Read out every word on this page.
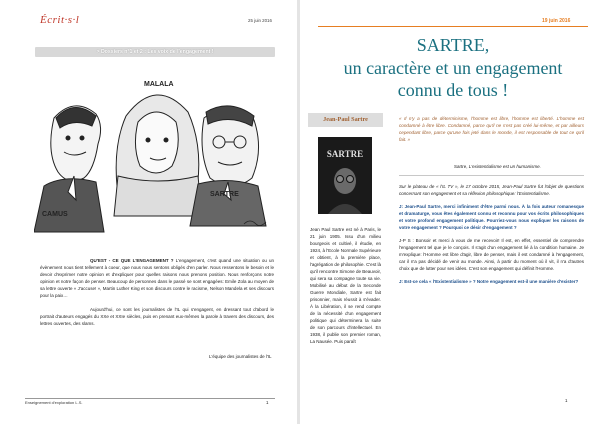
Écrit·s·l	25 juin 2016
> Dossiers n°1 et 2 : Les voix de l'engagement !
CAMUS
MALALA
SARTRE

QU'EST - CE QUE L'ENGAGEMENT ? L'engagement, c'est quand une situation ou un évènement nous tient tellement à coeur, que nous nous sentons obligés d'en parler. Nous ressentons le besoin et le devoir d'exprimer notre opinion et d'expliquer pour quelles raisons nous prenons position. Nous renforçons notre opinion et notre façon de penser. Beaucoup de personnes dans le passé se sont engagées: Emile Zola au moyen de sa lettre ouverte « J'accuse! », Martin Luther King et son discours contre le racisme, Nelson Mandela et ses discours pour la paix…

Aujourd'hui, ce sont les journalistes de l'IL qui s'engagent, en dressant tout d'abord le portrait d'auteurs engagés du XXe et XXIe siècles, puis en prenant eux-mêmes la parole à travers des discours, des lettres ouvertes, des slams.

L'équipe des journalistes de l'IL
Enseignement d'exploration L.S.	1
19 juin 2016
SARTRE,
un caractère et un engagement
connu de tous !
Jean-Paul Sartre
SARTRE
Jean Paul Sartre est né à Paris, le 21 juin 1905. Issu d'un milieu bourgeois et cultivé, il étudie, en 1924, à l'Ecole Normale Supérieure et obtient, à la première place, l'agrégation de philosophie. C'est là qu'il rencontre Simone de Beauvoir, qui sera sa compagne toute sa vie. Mobilisé au début de la Seconde Guerre Mondiale, Sartre est fait prisonnier, mais réussit à s'évader. À la Libération, il se rend compte de la nécessité d'un engagement politique qui déterminera la suite de son parcours d'intellectuel. En 1938, il publie son premier roman, La Nausée. Puis paraît
« Il n'y a pas de déterminisme, l'homme est libre, l'homme est liberté. L'homme est condamné à être libre. Condamné, parce qu'il ne s'est pas créé lui-même, et par ailleurs cependant libre, parce qu'une fois jeté dans le monde, il est responsable de tout ce qu'il fait. »
Sartre, L'existentialisme est un humanisme.

Sur le plateau de « l'IL TV », le 17 octobre 2015, Jean-Paul Sartre fut l'objet de questions concernant son engagement et sa réflexion philosophique: l'Existentialisme.

J: Jean-Paul Sartre, merci infiniment d'être parmi nous. À la fois auteur romanesque et dramaturge, vous êtes également connu et reconnu pour vos écrits philosophiques et votre profond engagement politique. Pourriez-vous nous expliquer les raisons de votre engagement ? Pourquoi ce désir d'engagement ?

J-P S : Bonsoir et merci à vous de me recevoir! Il est, en effet, essentiel de comprendre l'engagement tel que je le conçois. Il s'agit d'un engagement lié à la condition humaine. Je m'explique: l'Homme est libre d'agir, libre de penser, mais il est condamné à l'engagement, car il n'a pas décidé de venir au monde. Ainsi, à partir du moment où il vit, il n'a d'autres choix que de lutter pour ses idées. C'est son engagement qui définit l'Homme.

J: Est-ce cela « l'Existentialisme » ? Notre engagement est-il une manière d'exister?

1
